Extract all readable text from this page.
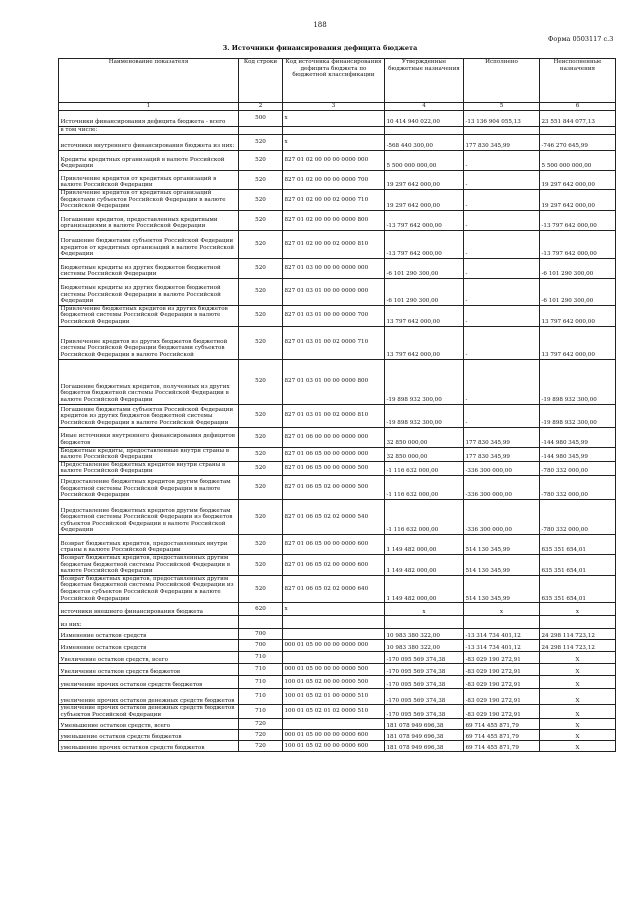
188
Форма 0503117 с.3
3. Источники финансирования дефицита бюджета
Наименование показателя	Код строки	Код источника финансирования дефицита бюджета по бюджетной классификации	Утвержденные бюджетные назначения	Исполнено	Неисполненные назначения
1	2	3	4	5	6
Источники финансирования дефицита бюджета - всего	500	x	10 414 940 022,00	-13 136 904 055,13	23 551 844 077,13
в том числе:					
источники внутреннего финансирования бюджета из них:	520	x	-568 440 300,00	177 830 345,99	-746 270 645,99
Кредиты кредитных организаций в валюте Российской Федерации	520	827 01 02 00 00 00 0000 000	5 500 000 000,00	-	5 500 000 000,00
Привлечение кредитов от кредитных организаций в валюте Российской Федерации	520	827 01 02 00 00 00 0000 700	19 297 642 000,00	-	19 297 642 000,00
Привлечение кредитов от кредитных организаций бюджетами субъектов Российской Федерации в валюте Российской Федерации	520	827 01 02 00 00 02 0000 710	19 297 642 000,00	-	19 297 642 000,00
Погашение кредитов, предоставленных кредитными организациями в валюте Российской Федерации	520	827 01 02 00 00 00 0000 800	-13 797 642 000,00	-	-13 797 642 000,00
Погашение бюджетами субъектов Российской Федерации кредитов от кредитных организаций в валюте Российской Федерации	520	827 01 02 00 00 02 0000 810	-13 797 642 000,00	-	-13 797 642 000,00
Бюджетные кредиты из других бюджетов бюджетной системы Российской Федерации	520	827 01 03 00 00 00 0000 000	-6 101 290 300,00	-	-6 101 290 300,00
Бюджетные кредиты из других бюджетов бюджетной системы Российской Федерации в валюте Российской Федерации	520	827 01 03 01 00 00 0000 000	-6 101 290 300,00	-	-6 101 290 300,00
Привлечение бюджетных кредитов из других бюджетов бюджетной системы Российской Федерации в валюте Российской Федерации	520	827 01 03 01 00 00 0000 700	13 797 642 000,00	-	13 797 642 000,00
Привлечение кредитов из других бюджетов бюджетной системы Российской Федерации бюджетами субъектов Российской Федерации в валюте Российской	520	827 01 03 01 00 02 0000 710	13 797 642 000,00	-	13 797 642 000,00
Погашение бюджетных кредитов, полученных из других бюджетов бюджетной системы Российской Федерации в валюте Российской Федерации	520	827 01 03 01 00 00 0000 800	-19 898 932 300,00	-	-19 898 932 300,00
Погашение бюджетами субъектов Российской Федерации кредитов из других бюджетов бюджетной системы Российской Федерации в валюте Российской Федерации	520	827 01 03 01 00 02 0000 810	-19 898 932 300,00	-	-19 898 932 300,00
Иные источники внутреннего финансирования дефицитов бюджетов	520	827 01 06 00 00 00 0000 000	32 850 000,00	177 830 345,99	-144 980 345,99
Бюджетные кредиты, предоставленные внутри страны в валюте Российской Федерации	520	827 01 06 05 00 00 0000 000	32 850 000,00	177 830 345,99	-144 980 345,99
Предоставление бюджетных кредитов внутри страны в валюте Российской Федерации	520	827 01 06 05 00 00 0000 500	-1 116 632 000,00	-336 300 000,00	-780 332 000,00
Предоставление бюджетных кредитов другим бюджетам бюджетной системы Российской Федерации в валюте Российской Федерации	520	827 01 06 05 02 00 0000 500	-1 116 632 000,00	-336 300 000,00	-780 332 000,00
Предоставление бюджетных кредитов другим бюджетам бюджетной системы Российской Федерации из бюджетов субъектов Российской Федерации в валюте Российской Федерации	520	827 01 06 05 02 02 0000 540	-1 116 632 000,00	-336 300 000,00	-780 332 000,00
Возврат бюджетных кредитов, предоставленных внутри страны в валюте Российской Федерации	520	827 01 06 05 00 00 0000 600	1 149 482 000,00	514 130 345,99	635 351 654,01
Возврат бюджетных кредитов, предоставленных другим бюджетам бюджетной системы Российской Федерации в валюте Российской Федерации	520	827 01 06 05 02 00 0000 600	1 149 482 000,00	514 130 345,99	635 351 654,01
Возврат бюджетных кредитов, предоставленных другим бюджетам бюджетной системы Российской Федерации из бюджетов субъектов Российской Федерации в валюте Российской Федерации	520	827 01 06 05 02 02 0000 640	1 149 482 000,00	514 130 345,99	635 351 654,01
источники внешнего финансирования бюджета	620	x	x	x	x
из них:					
Изменение остатков средств	700		10 983 380 322,00	-13 314 734 401,12	24 298 114 723,12
Изменение остатков средств	700	000 01 05 00 00 00 0000 000	10 983 380 322,00	-13 314 734 401,12	24 298 114 723,12
Увеличение остатков средств, всего	710		-170 095 569 374,38	-83 029 190 272,91	X
Увеличение остатков средств бюджетов	710	000 01 05 00 00 00 0000 500	-170 095 569 374,38	-83 029 190 272,91	X
увеличение прочих остатков средств бюджетов	710	100 01 05 02 00 00 0000 500	-170 095 569 374,38	-83 029 190 272,91	X
увеличение прочих остатков денежных средств бюджетов	710	100 01 05 02 01 00 0000 510	-170 095 569 374,38	-83 029 190 272,91	X
увеличение прочих остатков денежных средств бюджетов субъектов Российской Федерации	710	100 01 05 02 01 02 0000 510	-170 095 569 374,38	-83 029 190 272,91	X
Уменьшение остатков средств, всего	720		181 078 949 696,38	69 714 455 871,79	X
уменьшение остатков средств бюджетов	720	000 01 05 00 00 00 0000 600	181 078 949 696,38	69 714 455 871,79	X
уменьшение прочих остатков средств бюджетов	720	100 01 05 02 00 00 0000 600	181 078 949 696,38	69 714 455 871,79	X
